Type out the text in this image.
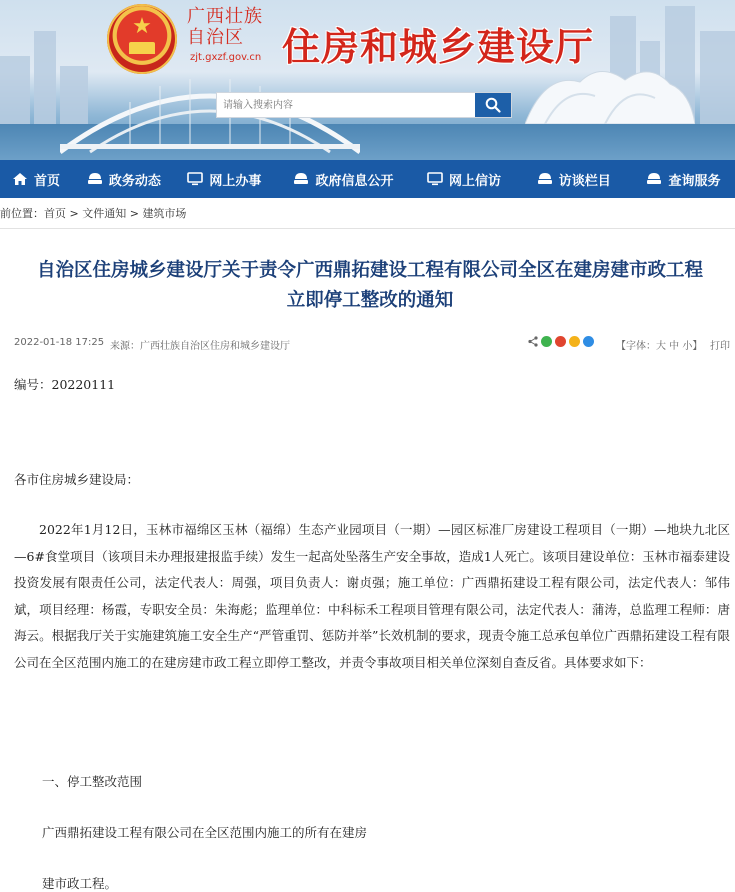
★	广西壮族自治区
zjt.gxzf.gov.cn 住房和城乡建设厅
请输入搜索内容
首页	政务动态	网上办事	政府信息公开	网上信访	访谈栏目	查询服务
前位置：首页 > 文件通知 > 建筑市场
自治区住房城乡建设厅关于责令广西鼎拓建设工程有限公司全区在建房建市政工程
立即停工整改的通知
2022-01-18 17:25 来源：广西壮族自治区住房和城乡建设厅	【字体：大 中 小】 打印
编号：20220111
各市住房城乡建设局：
2022年1月12日，玉林市福绵区玉林（福绵）生态产业园项目（一期）—园区标准厂房建设工程项目（一期）—地块九北区—6#食堂项目（该项目未办理报建报监手续）发生一起高处坠落生产安全事故，造成1人死亡。该项目建设单位：玉林市福泰建设投资发展有限责任公司，法定代表人：周强，项目负责人：谢贞强；施工单位：广西鼎拓建设工程有限公司，法定代表人：邹伟斌，项目经理：杨霞，专职安全员：朱海彪；监理单位：中科标禾工程项目管理有限公司，法定代表人：蒲涛，总监理工程师：唐海云。根据我厅关于实施建筑施工安全生产“严管重罚、惩防并举”长效机制的要求，现责令施工总承包单位广西鼎拓建设工程有限公司在全区范围内施工的在建房建市政工程立即停工整改，并责令事故项目相关单位深刻自查反省。具体要求如下：
一、停工整改范围
广西鼎拓建设工程有限公司在全区范围内施工的所有在建房
建市政工程。
